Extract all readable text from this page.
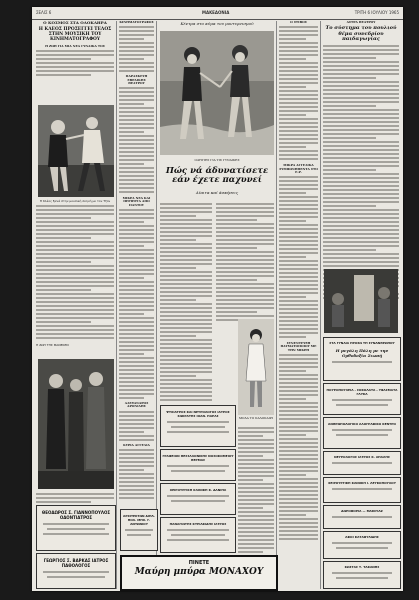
ΣΕΛΙΣ 6	ΜΑΚΕΔΟΝΙΑ	ΤΡΙΤΗ 6 ΙΟΥΛΙΟΥ 1965
Ο ΚΟΣΜΟΣ ΣΤΑ ΟΛΟΚΛΗΡΑ
Η ΚΛΕΟΣ ΠΡΟΣΕΓΓΕΙ ΤΕΛΟΣ ΣΤΗΝ ΜΟΥΣΙΚΗ ΤΟΥ ΚΙΝΗΜΑΤΟΓΡΑΦΟΥ
Η ΖΩΗ ΓΙΑ ΜΙΑ ΝΕΑ ΓΥΝΑΙΚΑ ΤΟΣ
Η Κλέος ξανά στην μουσική σκηνή με τον Τζον
Η ΖΩΗ ΤΗΣ ΜΑΝΕΚΕΝ
ΘΕΟΔΩΡΟΣ Σ. ΓΙΑΝΝΟΠΟΥΛΟΣ ΟΔΟΝΤΙΑΤΡΟΣ
ΓΕΩΡΓΙΟΣ Σ. ΒΑΡΚΑΣ ΙΑΤΡΟΣ ΠΑΘΟΛΟΓΟΣ
ΚΙΝΗΜΑΤΟΓΡΑΦΟΣ
ΠΑΡΑΣΚΕΥΗ ΕΒΡΑΙΚΗΣ ΘΕΑΤΡΟΥ
ΜΙΚΡΑ ΝΕΑ ΚΑΙ ΠΕΡΙΕΡΓΑ ΑΠΟ ΠΑΝΤΟΥ
ΑΛΕΞΑΝΔΡΟΣ ΑΡΟΝΙΔΗΣ
ΚΥΡΙΑ ΑΓΓΕΛΙΑ
Κέντρα στο κύμα του μοντερνισμού
ΟΔΗΓΙΕΣ ΓΙΑ ΤΙΣ ΓΥΝΑΙΚΕΣ
Πώς νά άδυνατίσετε εάν έχετε παχυνεί
Δίαιτα καί άσκήσεις
ΜΟΔΑ ΤΟ ΚΑΛΟΚΑΙΡΙ
ΨΥΧΙΑΤΡΟΣ ΚΑΙ ΝΕΥΡΟΛΟΓΟΣ ΙΑΤΡΟΣ ΣΩΚΡΑΤΗΣ ΙΟΑΝ. ΠΑΡΑΣ
ΓΡΑΦΕΙΟΝ ΘΕΣΣΑΛΟΝΙΚΗΣ ΝΟΣΟΚΟΜΕΙΟΥ ΘΕΡΜΑΣ
ΧΕΙΡΟΥΡΓΙΚΗ ΚΛΙΝΙΚΗ Κ. ΔΑΝΙΗΛ
ΠΑΝΑΓΙΩΤΗΣ ΚΥΡΙΑΚΙΔΗΣ ΙΑΤΡΟΣ
ΑΡΧΙΤΕΚΤΩΝ ΔΙΠΛ. ΠΟΛ. ΜΗΧ. Γ. ΑΝΤΩΝΙΟΥ
ΠΙΝΕΤΕ
Μαύρη μπύρα ΜΟΝΑΧΟΥ
Ο ΣΤΙΒΟΣ
ΜΙΚΡΑ ΑΓΓΕΛΙΚΑ ΣΥΜΦΩΝΗΘΕΝΤΑ ΣΤΟ Ε.Ρ.
ΣΥΝΕΝΤΕΥΞΗ ΘΑΥΜΑΤΟΠΟΙΟΥ ΜΕ ΤΗΝ ΜΙΚΡΗ
ΑΣΤΡΑ ΘΕΑΤΡΟΥ
Το σύστημα του πουλιού θέμα συνεδρίου παιδαγωγίας
ΣΤΑ ΓΥΝΑΙΑ ΠΡΟΣΩ ΤΗ ΣΥΝΑΝΘΡΩΠΟΥ
Η μεγάλη Πάλη με την Ορθοδοξία Σιωπή
ΠΟΥΡΟΠΟΥΛΕΙΑ - ΣΟΚΟΛΑΤΑ - ΥΦΑΣΜΑΤΑ ΓΛΥΚΑ
ΑΝΘΡΩΠΟΛΟΓΙΚΟ ΛΑΟΓΡΑΦΙΚΟ ΚΕΝΤΡΟ
ΝΕΥΡΟΛΟΓΟΣ ΙΑΤΡΟΣ Κ. ΑΠΑΛΗΣ
ΧΕΙΡΟΥΡΓΙΚΗ ΚΛΙΝΙΚΗ Ι. ΛΕΥΚΟΠΟΥΛΟΥ
ΔΩΡΟΦΟΡΙΑ — ΜΑΚΙΓΙΑΖ
ΑΦΟΙ ΚΑΤΑΦΥΛΙΔΗΣ
ΚΩΣΤΑΣ Τ. ΤΑΚΑΝΗΣ
